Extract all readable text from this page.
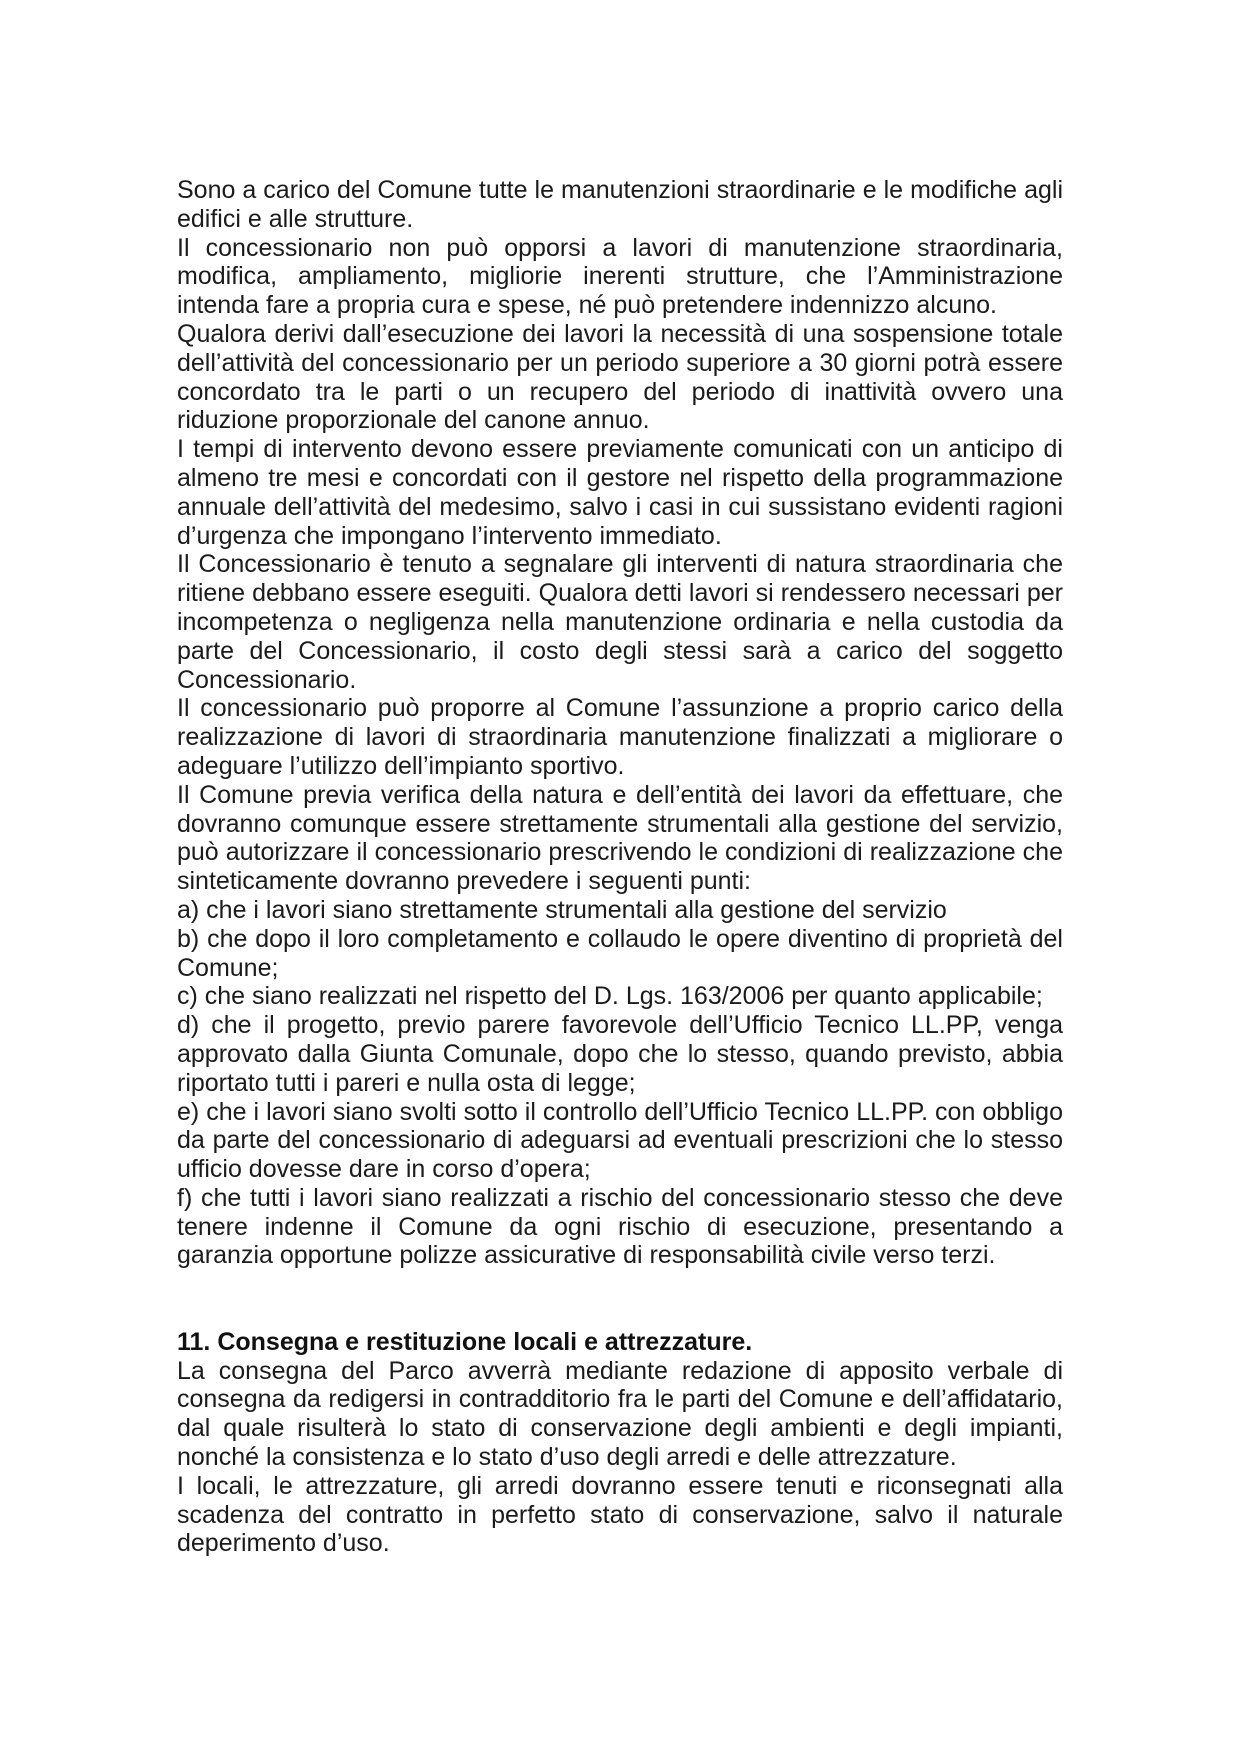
Sono a carico del Comune tutte le manutenzioni straordinarie e le modifiche agli edifici e alle strutture.

Il concessionario non può opporsi a lavori di manutenzione straordinaria, modifica, ampliamento, migliorie inerenti strutture, che l’Amministrazione intenda fare a propria cura e spese, né può pretendere indennizzo alcuno.

Qualora derivi dall’esecuzione dei lavori la necessità di una sospensione totale dell’attività del concessionario per un periodo superiore a 30 giorni potrà essere concordato tra le parti o un recupero del periodo di inattività ovvero una riduzione proporzionale del canone annuo.

I tempi di intervento devono essere previamente comunicati con un anticipo di almeno tre mesi e concordati con il gestore nel rispetto della programmazione annuale dell’attività del medesimo, salvo i casi in cui sussistano evidenti ragioni d’urgenza che impongano l’intervento immediato.

Il Concessionario è tenuto a segnalare gli interventi di natura straordinaria che ritiene debbano essere eseguiti. Qualora detti lavori si rendessero necessari per incompetenza o negligenza nella manutenzione ordinaria e nella custodia da parte del Concessionario, il costo degli stessi sarà a carico del soggetto Concessionario.

Il concessionario può proporre al Comune l’assunzione a proprio carico della realizzazione di lavori di straordinaria manutenzione finalizzati a migliorare o adeguare l’utilizzo dell’impianto sportivo.

Il Comune previa verifica della natura e dell’entità dei lavori da effettuare, che dovranno comunque essere strettamente strumentali alla gestione del servizio, può autorizzare il concessionario prescrivendo le condizioni di realizzazione che sinteticamente dovranno prevedere i seguenti punti:

a) che i lavori siano strettamente strumentali alla gestione del servizio

b) che dopo il loro completamento e collaudo le opere diventino di proprietà del Comune;

c) che siano realizzati nel rispetto del D. Lgs. 163/2006 per quanto applicabile;

d) che il progetto, previo parere favorevole dell’Ufficio Tecnico LL.PP, venga approvato dalla Giunta Comunale, dopo che lo stesso, quando previsto, abbia riportato tutti i pareri e nulla osta di legge;

e) che i lavori siano svolti sotto il controllo dell’Ufficio Tecnico LL.PP. con obbligo da parte del concessionario di adeguarsi ad eventuali prescrizioni che lo stesso ufficio dovesse dare in corso d’opera;

f) che tutti i lavori siano realizzati a rischio del concessionario stesso che deve tenere indenne il Comune da ogni rischio di esecuzione, presentando a garanzia opportune polizze assicurative di responsabilità civile verso terzi.

11. Consegna e restituzione locali e attrezzature.

La consegna del Parco avverrà mediante redazione di apposito verbale di consegna da redigersi in contradditorio fra le parti del Comune e dell’affidatario, dal quale risulterà lo stato di conservazione degli ambienti e degli impianti, nonché la consistenza e lo stato d’uso degli arredi e delle attrezzature.

I locali, le attrezzature, gli arredi dovranno essere tenuti e riconsegnati alla scadenza del contratto in perfetto stato di conservazione, salvo il naturale deperimento d’uso.
